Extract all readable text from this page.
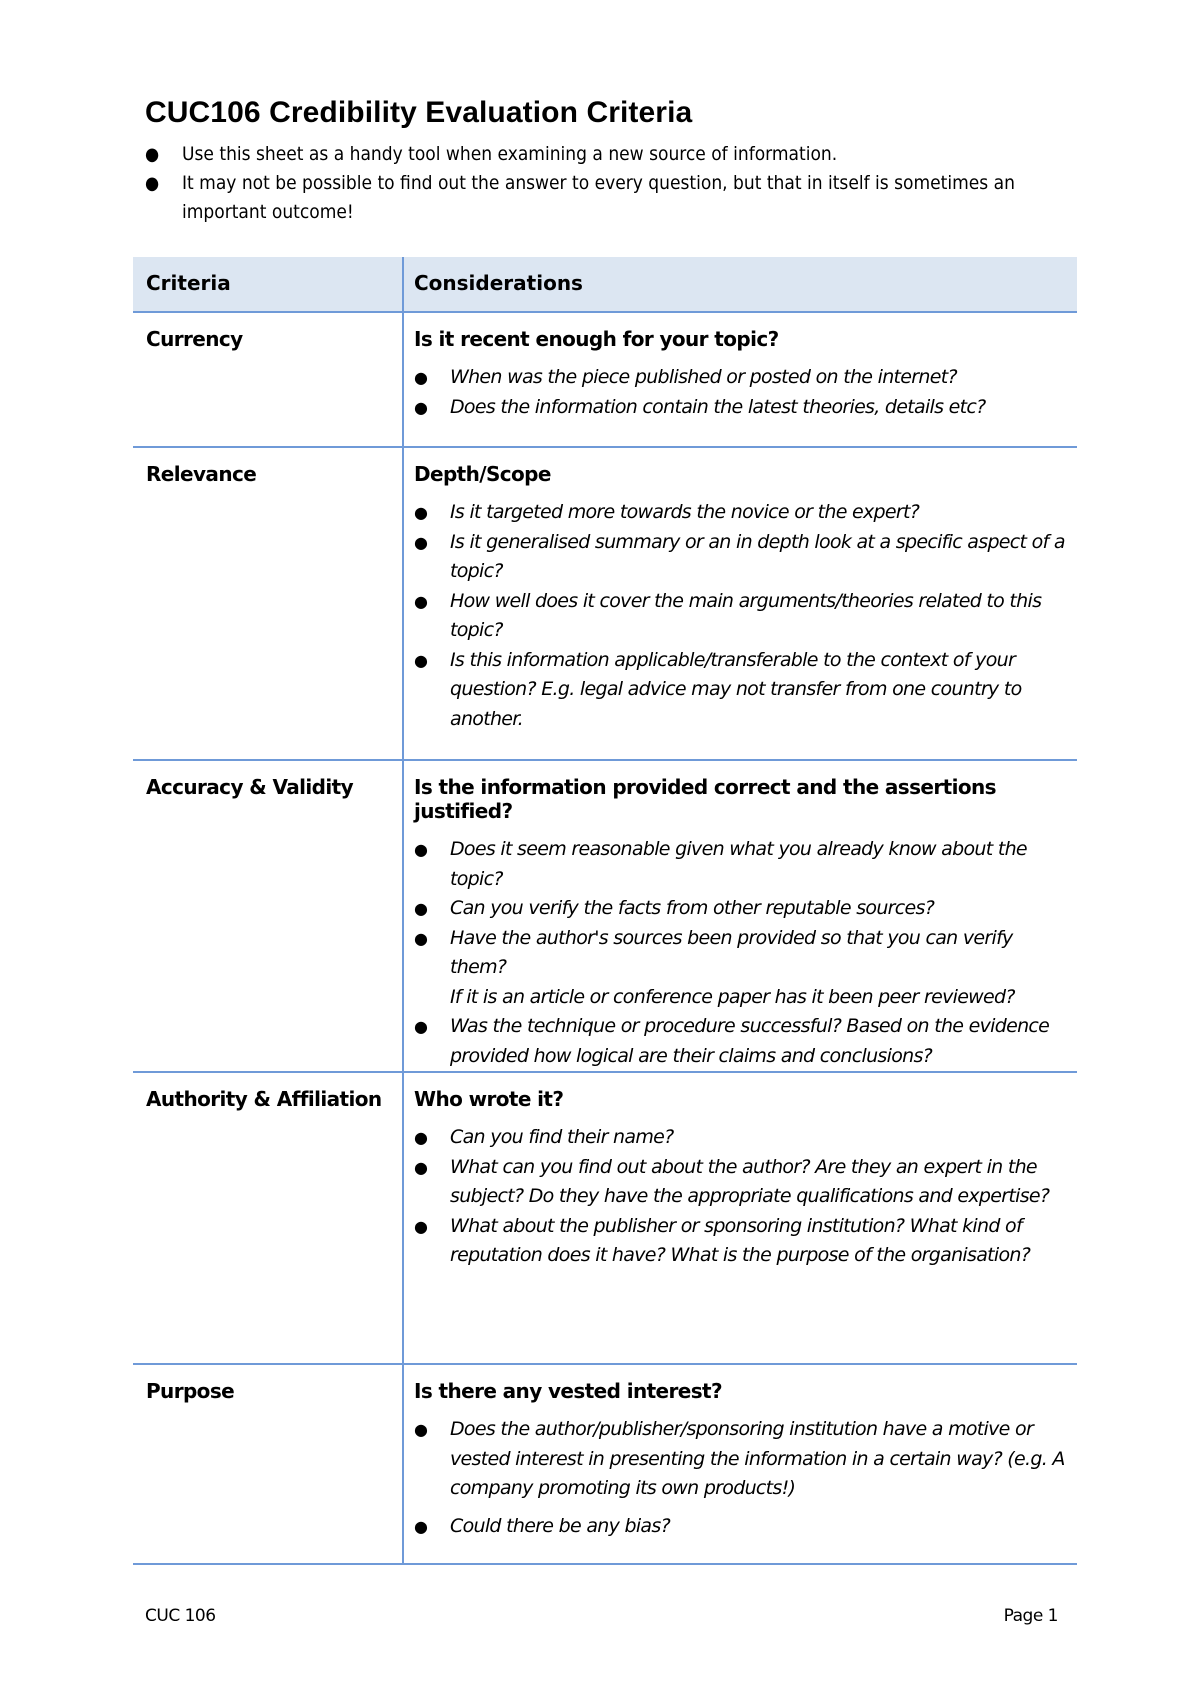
CUC106 Credibility Evaluation Criteria
● Use this sheet as a handy tool when examining a new source of information.
● It may not be possible to find out the answer to every question, but that in itself is sometimes an important outcome!
Criteria	Considerations

Currency	Is it recent enough for your topic?
● When was the piece published or posted on the internet?
● Does the information contain the latest theories, details etc?

Relevance	Depth/Scope
● Is it targeted more towards the novice or the expert?
● Is it generalised summary or an in depth look at a specific aspect of a topic?
● How well does it cover the main arguments/theories related to this topic?
● Is this information applicable/transferable to the context of your question? E.g. legal advice may not transfer from one country to another.

Accuracy & Validity	Is the information provided correct and the assertions justified?
● Does it seem reasonable given what you already know about the topic?
● Can you verify the facts from other reputable sources?
● Have the author's sources been provided so that you can verify them?
If it is an article or conference paper has it been peer reviewed?
● Was the technique or procedure successful? Based on the evidence provided how logical are their claims and conclusions?

Authority & Affiliation	Who wrote it?
● Can you find their name?
● What can you find out about the author? Are they an expert in the subject? Do they have the appropriate qualifications and expertise?
● What about the publisher or sponsoring institution? What kind of reputation does it have? What is the purpose of the organisation?

Purpose	Is there any vested interest?
● Does the author/publisher/sponsoring institution have a motive or vested interest in presenting the information in a certain way? (e.g. A company promoting its own products!)
● Could there be any bias?
CUC 106	Page 1
